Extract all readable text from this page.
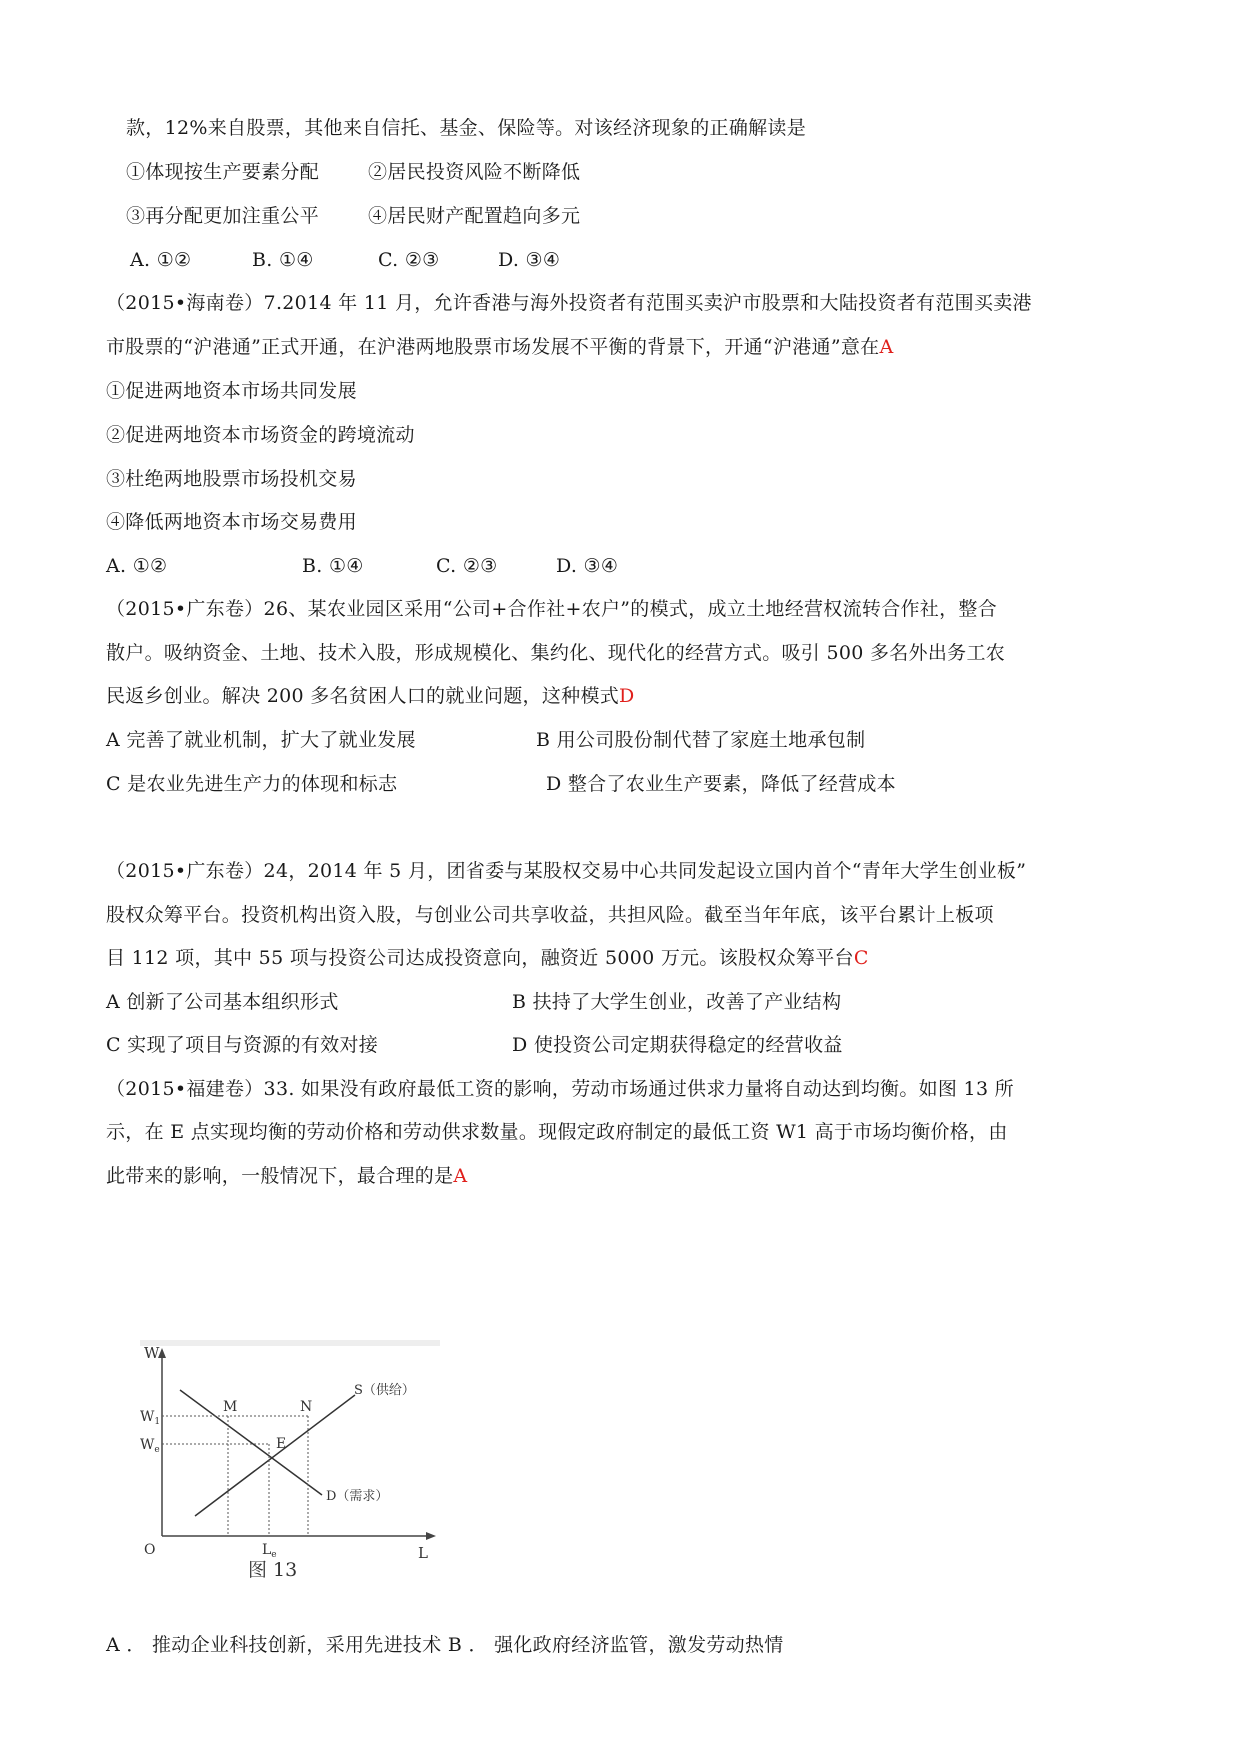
款，12%来自股票，其他来自信托、基金、保险等。对该经济现象的正确解读是
①体现按生产要素分配	②居民投资风险不断降低
③再分配更加注重公平	④居民财产配置趋向多元
A. ①②	B. ①④	C. ②③	D. ③④
（2015•海南卷）7.2014 年 11 月，允许香港与海外投资者有范围买卖沪市股票和大陆投资者有范围买卖港
市股票的“沪港通”正式开通，在沪港两地股票市场发展不平衡的背景下，开通“沪港通”意在A
①促进两地资本市场共同发展
②促进两地资本市场资金的跨境流动
③杜绝两地股票市场投机交易
④降低两地资本市场交易费用
A. ①②	B. ①④	C. ②③	D. ③④
（2015•广东卷）26、某农业园区采用“公司+合作社+农户”的模式，成立土地经营权流转合作社，整合
散户。吸纳资金、土地、技术入股，形成规模化、集约化、现代化的经营方式。吸引 500 多名外出务工农
民返乡创业。解决 200 多名贫困人口的就业问题，这种模式D
A 完善了就业机制，扩大了就业发展	B 用公司股份制代替了家庭土地承包制
C 是农业先进生产力的体现和标志	D 整合了农业生产要素，降低了经营成本
（2015•广东卷）24，2014 年 5 月，团省委与某股权交易中心共同发起设立国内首个“青年大学生创业板”
股权众筹平台。投资机构出资入股，与创业公司共享收益，共担风险。截至当年年底，该平台累计上板项
目 112 项，其中 55 项与投资公司达成投资意向，融资近 5000 万元。该股权众筹平台C
A 创新了公司基本组织形式	B 扶持了大学生创业，改善了产业结构
C 实现了项目与资源的有效对接	D 使投资公司定期获得稳定的经营收益
（2015•福建卷）33. 如果没有政府最低工资的影响，劳动市场通过供求力量将自动达到均衡。如图 13 所
示，在 E 点实现均衡的劳动价格和劳动供求数量。现假定政府制定的最低工资 W1 高于市场均衡价格，由
此带来的影响，一般情况下，最合理的是A
W
L
O
$W_1$
$W_e$
$L_e$
M	N
E
S（供给）
D（需求）
图 13
A ． 推动企业科技创新，采用先进技术 B ． 强化政府经济监管，激发劳动热情
